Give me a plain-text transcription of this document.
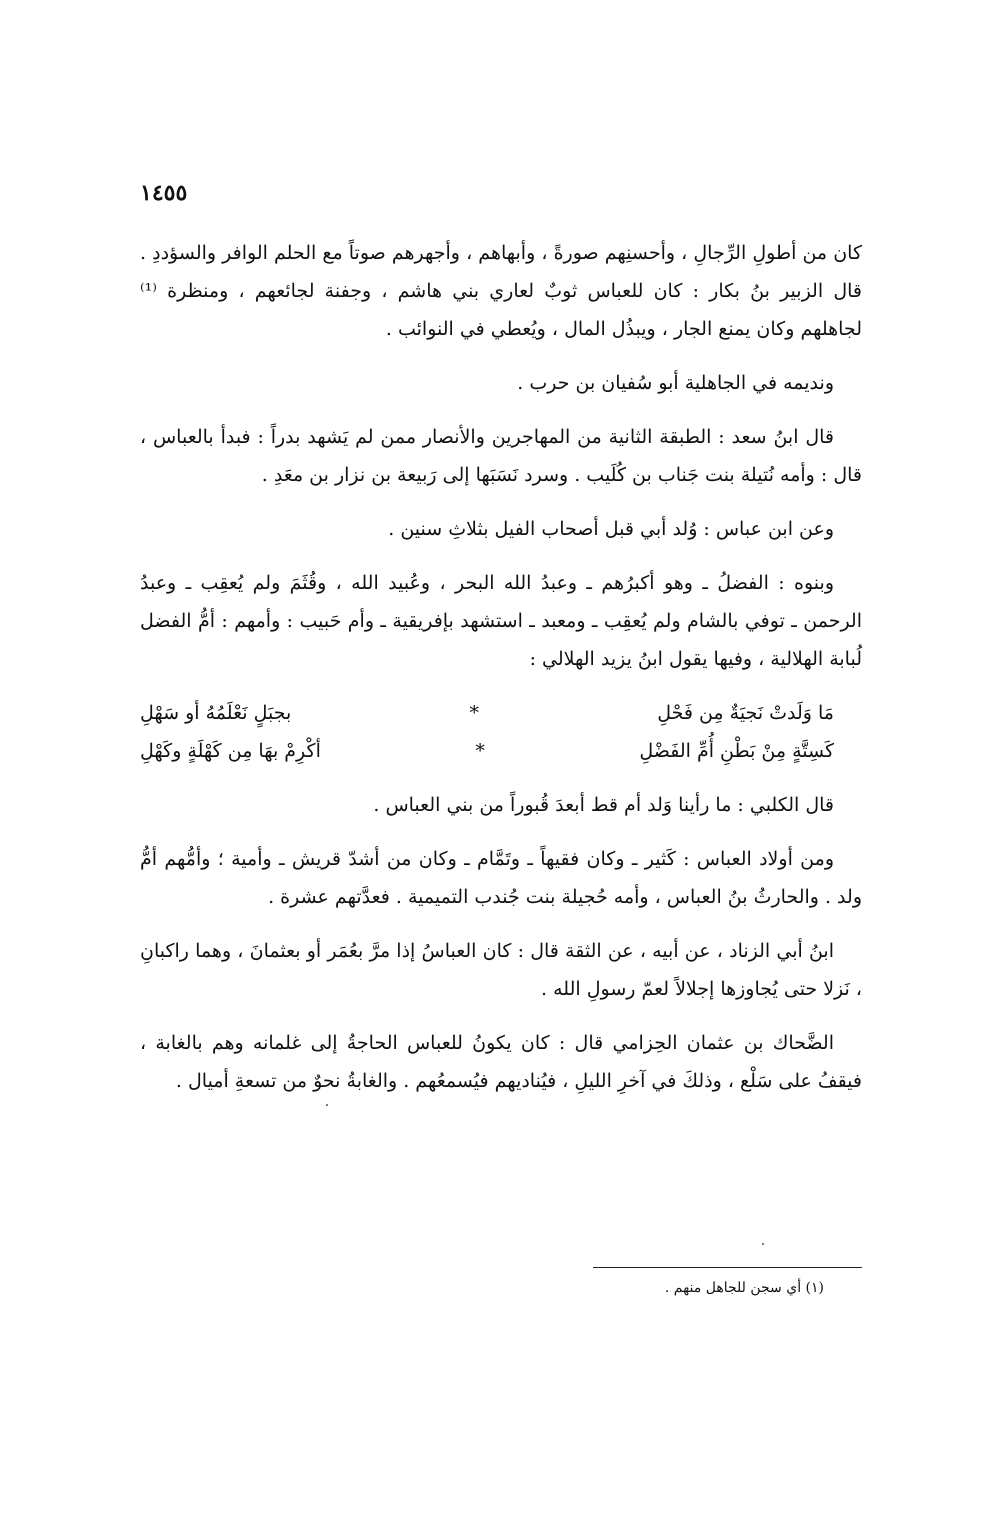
١٤٥٥

كان من أطولِ الرِّجالِ ، وأحسنِهم صورةً ، وأبهاهم ، وأجهرهم صوتاً مع الحلم الوافر والسؤددِ . قال الزبير بنُ بكار : كان للعباس ثوبٌ لعاري بني هاشم ، وجفنة لجائعهم ، ومنظرة ⁽¹⁾ لجاهلهم وكان يمنع الجار ، ويبذُل المال ، ويُعطي في النوائب .

ونديمه في الجاهلية أبو سُفيان بن حرب .

قال ابنُ سعد : الطبقة الثانية من المهاجرين والأنصار ممن لم يَشهد بدراً : فبدأ بالعباس ، قال : وأمه نُتيلة بنت جَناب بن كُلَيب . وسرد نَسَبَها إلى رَبيعة بن نزار بن معَدِ .

وعن ابن عباس : وُلد أبي قبل أصحاب الفيل بثلاثِ سنين .

وبنوه : الفضلُ ـ وهو أكبرُهم ـ وعبدُ الله البحر ، وعُبيد الله ، وقُثَمَ ولم يُعقِب ـ وعبدُ الرحمن ـ توفي بالشام ولم يُعقِب ـ ومعبد ـ استشهد بإفريقية ـ وأم حَبيب : وأمهم : أمُّ الفضل لُبابة الهلالية ، وفيها يقول ابنُ يزيد الهلالي :

مَا وَلَدتْ نَجيَةٌ مِن فَحْلِ
*
بجبَلٍ نَعْلَمُهُ أو سَهْلِ
كَسِتَّةٍ مِنْ بَطْنِ أُمِّ الفَضْلِ
*
أكْرِمْ بهَا مِن كَهْلَةٍ وكَهْلِ

قال الكلبي : ما رأينا وَلد أم قط أبعدَ قُبوراً من بني العباس .

ومن أولاد العباس : كَثير ـ وكان فقيهاً ـ وتَمَّام ـ وكان من أشدّ قريش ـ وأمية ؛ وأمُّهم أمُّ ولد . والحارثُ بنُ العباس ، وأمه حُجيلة بنت جُندب التميمية . فعدَّتهم عشرة .

ابنُ أبي الزناد ، عن أبيه ، عن الثقة قال : كان العباسُ إذا مرَّ بعُمَر أو بعثمانَ ، وهما راكبانِ ، نَزلا حتى يُجاوزها إجلالاً لعمّ رسولِ الله .

الضَّحاك بن عثمان الحِزامي قال : كان يكونُ للعباس الحاجةُ إلى غلمانه وهم بالغابة ، فيقفُ على سَلْع ، وذلكَ في آخرِ الليلِ ، فيُناديهم فيُسمعُهم . والغابةُ نحوٌ من تسعةِ أميال .

(١) أي سجن للجاهل منهم .
